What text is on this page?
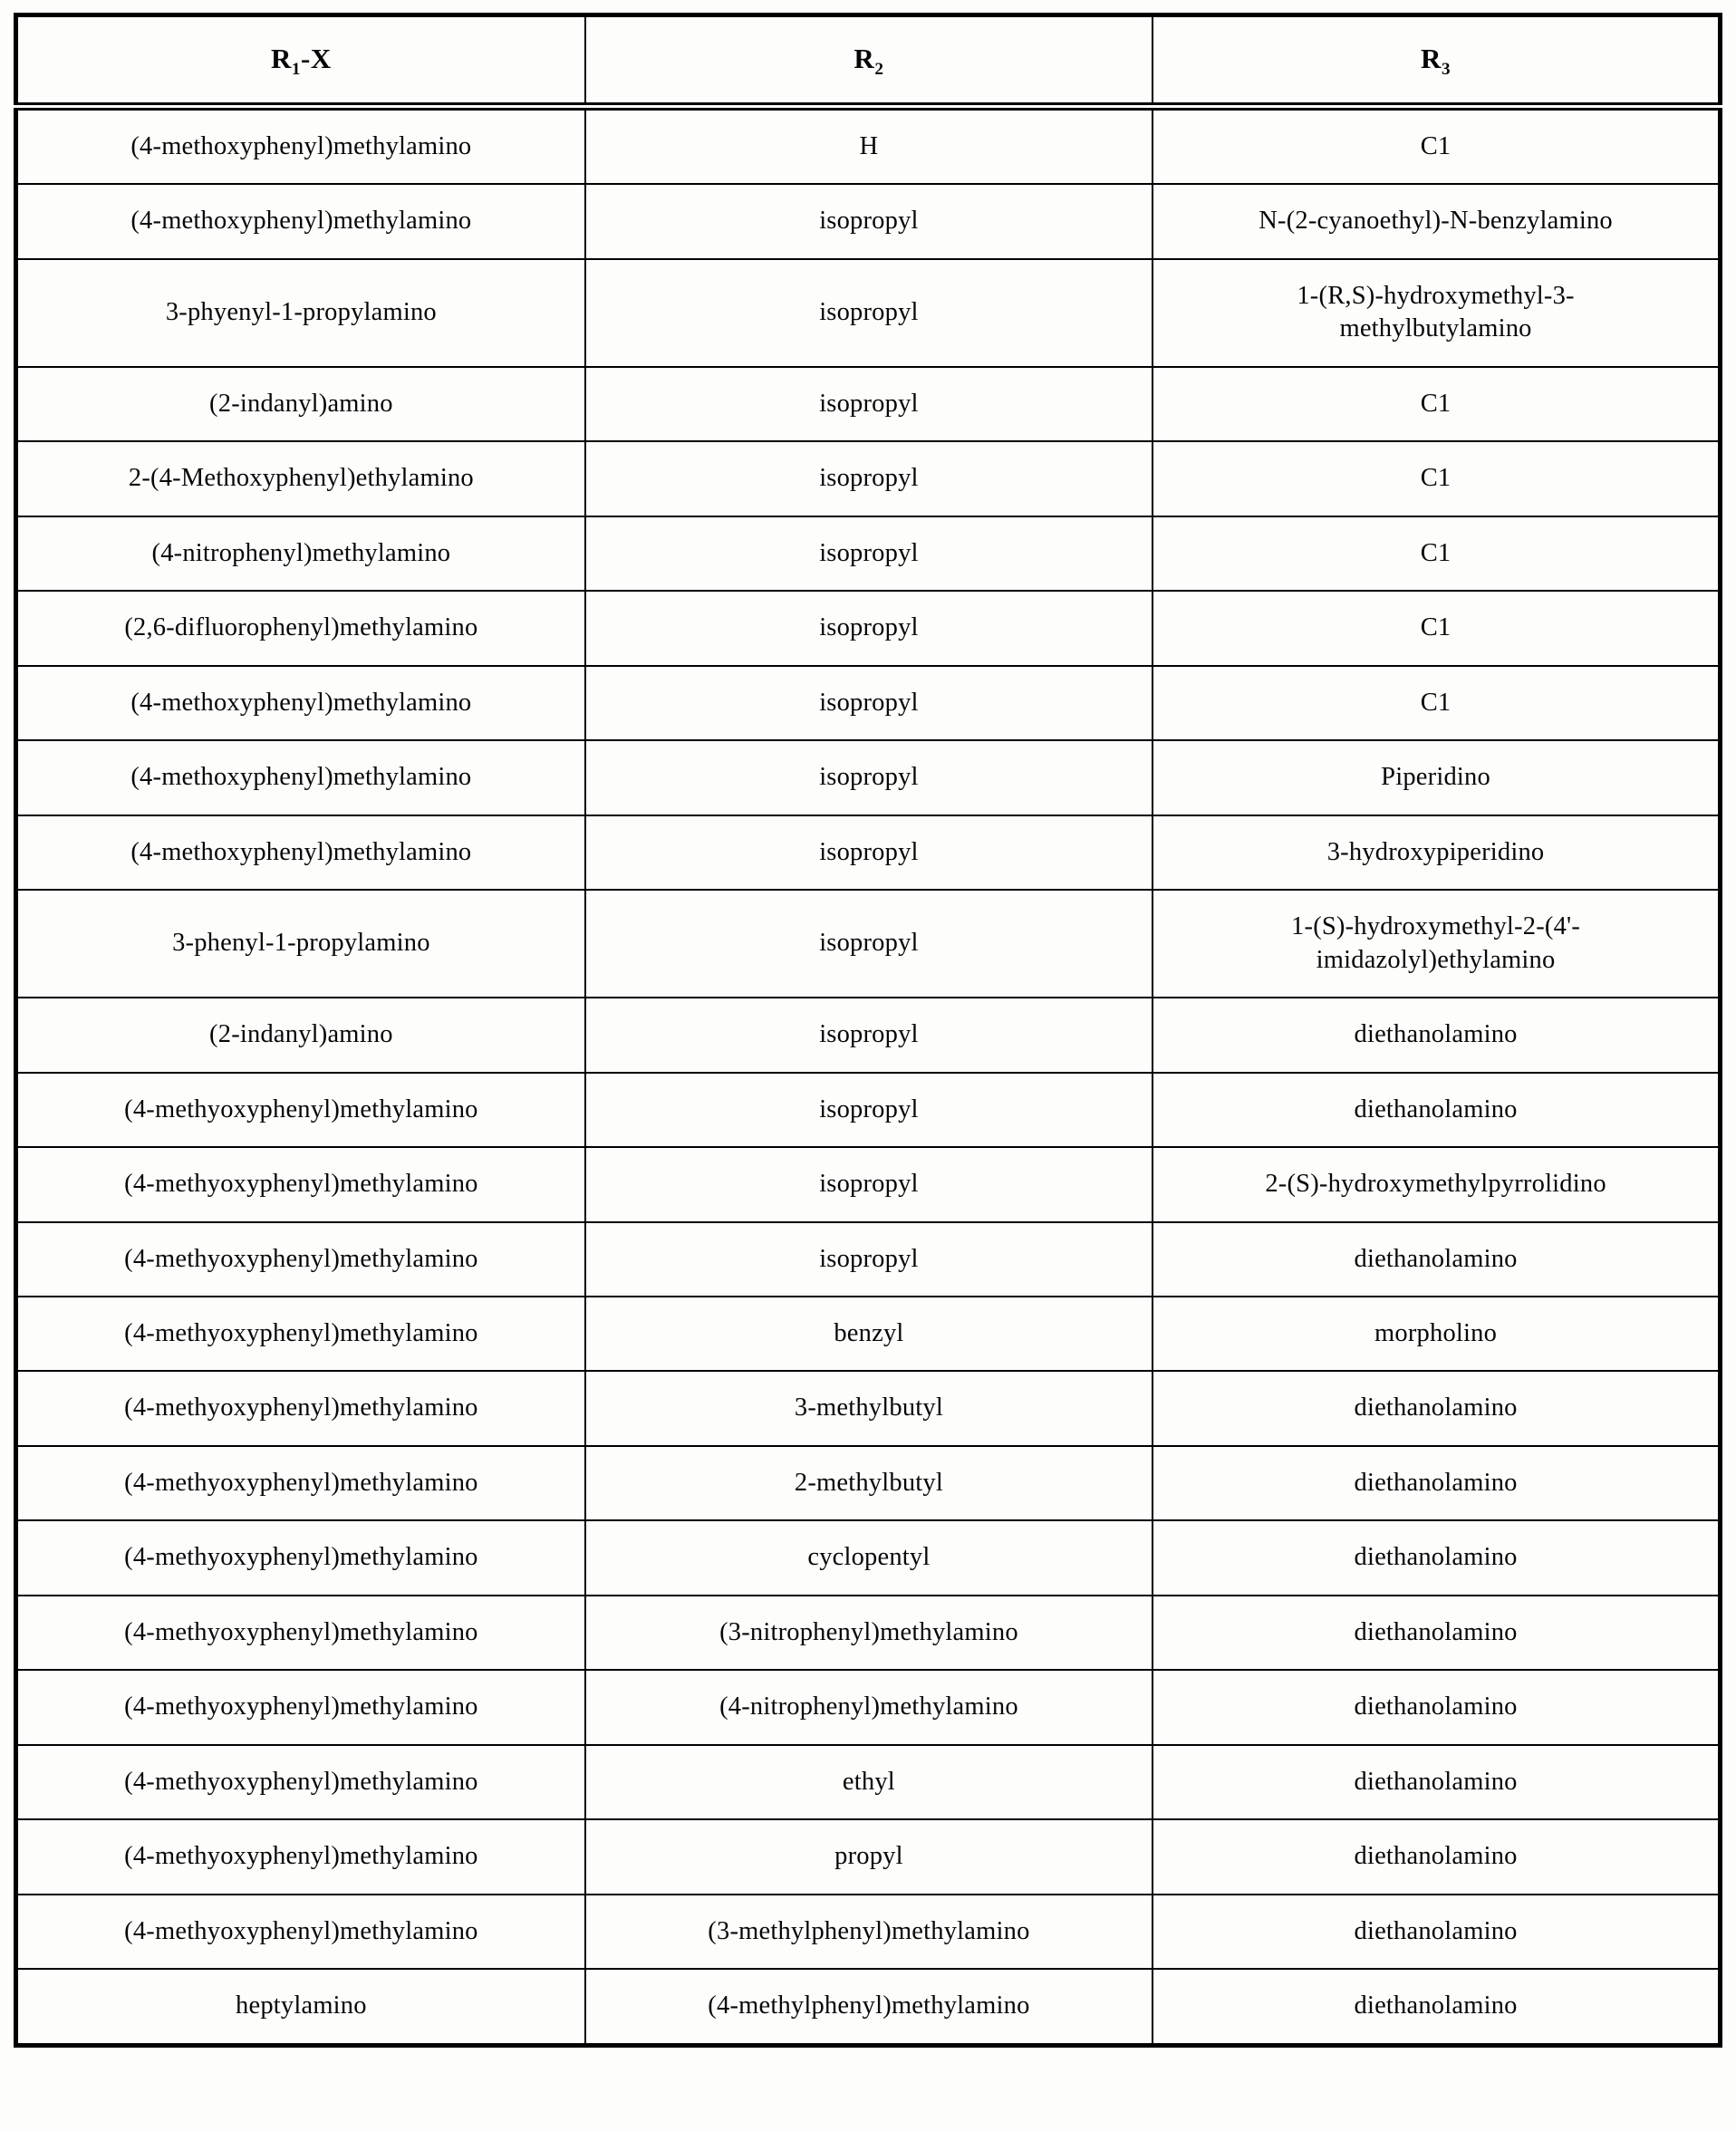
$R_1-X$	$R_2$	$R_3$
(4-methoxyphenyl)methylamino	H	C1
(4-methoxyphenyl)methylamino	isopropyl	N-(2-cyanoethyl)-N-benzylamino
3-phyenyl-1-propylamino	isopropyl	1-(R,S)-hydroxymethyl-3-
methylbutylamino
(2-indanyl)amino	isopropyl	C1
2-(4-Methoxyphenyl)ethylamino	isopropyl	C1
(4-nitrophenyl)methylamino	isopropyl	C1
(2,6-difluorophenyl)methylamino	isopropyl	C1
(4-methoxyphenyl)methylamino	isopropyl	C1
(4-methoxyphenyl)methylamino	isopropyl	Piperidino
(4-methoxyphenyl)methylamino	isopropyl	3-hydroxypiperidino
3-phenyl-1-propylamino	isopropyl	1-(S)-hydroxymethyl-2-(4'-
imidazolyl)ethylamino
(2-indanyl)amino	isopropyl	diethanolamino
(4-methyoxyphenyl)methylamino	isopropyl	diethanolamino
(4-methyoxyphenyl)methylamino	isopropyl	2-(S)-hydroxymethylpyrrolidino
(4-methyoxyphenyl)methylamino	isopropyl	diethanolamino
(4-methyoxyphenyl)methylamino	benzyl	morpholino
(4-methyoxyphenyl)methylamino	3-methylbutyl	diethanolamino
(4-methyoxyphenyl)methylamino	2-methylbutyl	diethanolamino
(4-methyoxyphenyl)methylamino	cyclopentyl	diethanolamino
(4-methyoxyphenyl)methylamino	(3-nitrophenyl)methylamino	diethanolamino
(4-methyoxyphenyl)methylamino	(4-nitrophenyl)methylamino	diethanolamino
(4-methyoxyphenyl)methylamino	ethyl	diethanolamino
(4-methyoxyphenyl)methylamino	propyl	diethanolamino
(4-methyoxyphenyl)methylamino	(3-methylphenyl)methylamino	diethanolamino
heptylamino	(4-methylphenyl)methylamino	diethanolamino
